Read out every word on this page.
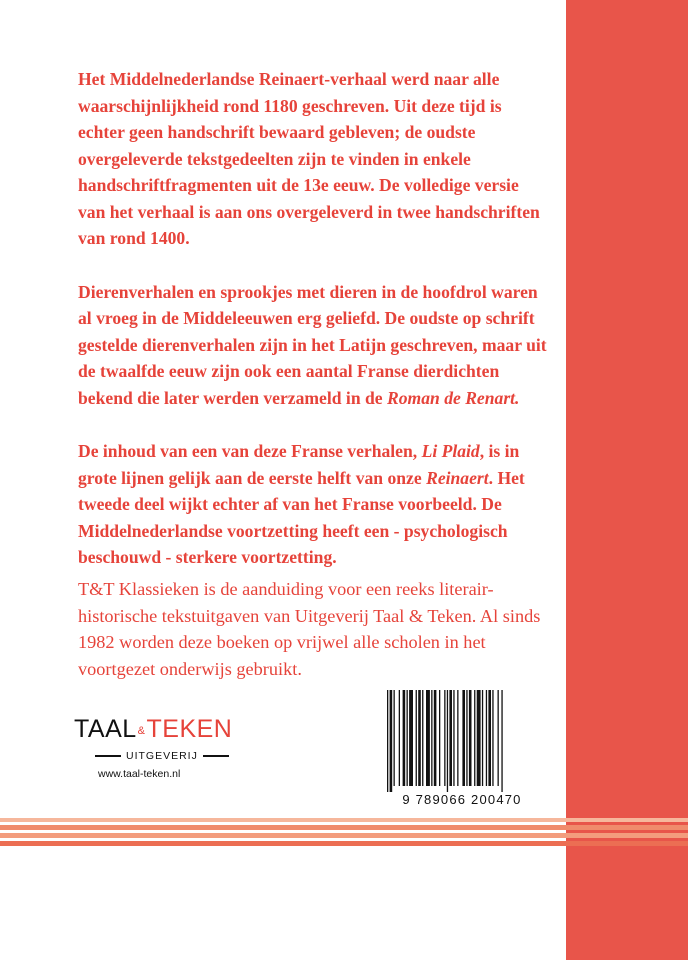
Het Middelnederlandse Reinaert-verhaal werd naar alle waarschijnlijkheid rond 1180 geschreven. Uit deze tijd is echter geen handschrift bewaard gebleven; de oudste overgeleverde tekstgedeelten zijn te vinden in enkele handschriftfragmenten uit de 13e eeuw. De volledige versie van het verhaal is aan ons overgeleverd in twee handschriften van rond 1400.

Dierenverhalen en sprookjes met dieren in de hoofdrol waren al vroeg in de Middeleeuwen erg geliefd. De oudste op schrift gestelde dierenverhalen zijn in het Latijn geschreven, maar uit de twaalfde eeuw zijn ook een aantal Franse dierdichten bekend die later werden verzameld in de Roman de Renart.

De inhoud van een van deze Franse verhalen, Li Plaid, is in grote lijnen gelijk aan de eerste helft van onze Reinaert. Het tweede deel wijkt echter af van het Franse voorbeeld. De Middelnederlandse voortzetting heeft een - psychologisch beschouwd - sterkere voortzetting.

T&T Klassieken is de aanduiding voor een reeks literair-historische tekstuitgaven van Uitgeverij Taal & Teken. Al sinds 1982 worden deze boeken op vrijwel alle scholen in het voortgezet onderwijs gebruikt.

TAAL&TEKEN
UITGEVERIJ
www.taal-teken.nl
9 789066 200470
